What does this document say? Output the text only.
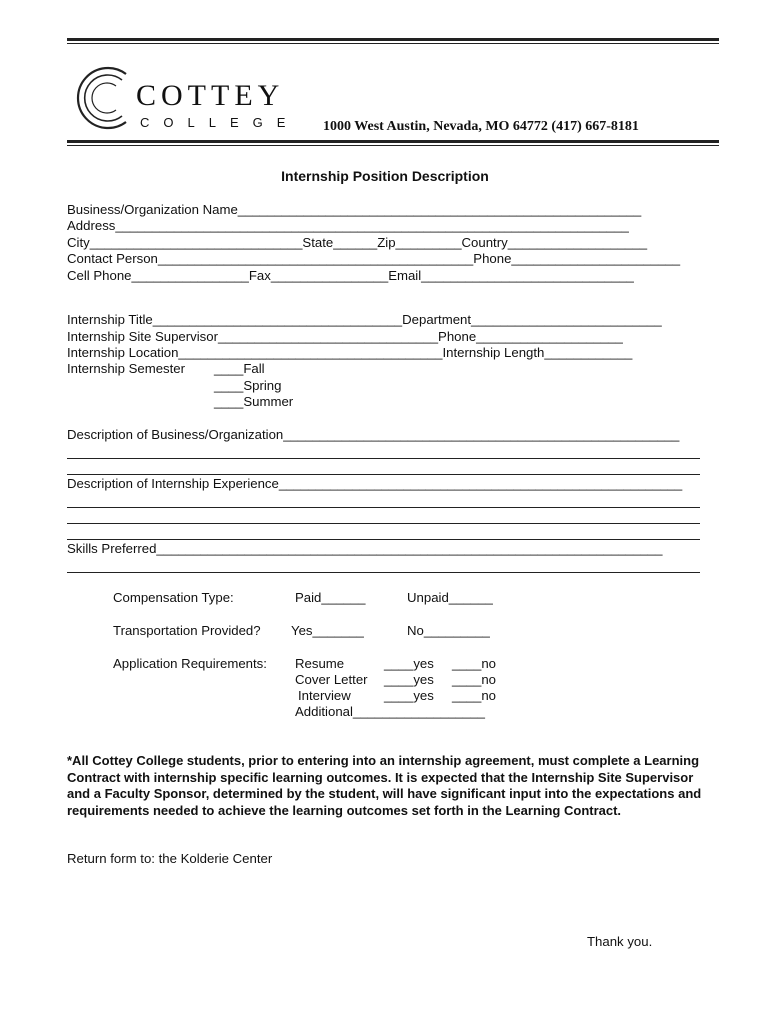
COTTEY
COLLEGE 1000 West Austin, Nevada, MO 64772 (417) 667-8181
Internship Position Description
Business/Organization Name_______________________________________________________
Address______________________________________________________________________
City_____________________________State______Zip_________Country___________________
Contact Person___________________________________________Phone_______________________
Cell Phone________________Fax________________Email_____________________________
Internship Title__________________________________Department__________________________
Internship Site Supervisor______________________________Phone____________________
Internship Location____________________________________Internship Length____________
Internship Semester ____Fall
____Spring
____Summer
Description of Business/Organization______________________________________________________
Description of Internship Experience_______________________________________________________
Skills Preferred_____________________________________________________________________
Compensation Type:	Paid______	Unpaid______
Transportation Provided? Yes_______	No_________
Application Requirements: Resume	____yes ____no
Cover Letter ____yes ____no
Interview	____yes ____no
Additional__________________
*All Cottey College students, prior to entering into an internship agreement, must complete a Learning Contract with internship specific learning outcomes. It is expected that the Internship Site Supervisor and a Faculty Sponsor, determined by the student, will have significant input into the expectations and requirements needed to achieve the learning outcomes set forth in the Learning Contract.
Return form to: the Kolderie Center
Thank you.
